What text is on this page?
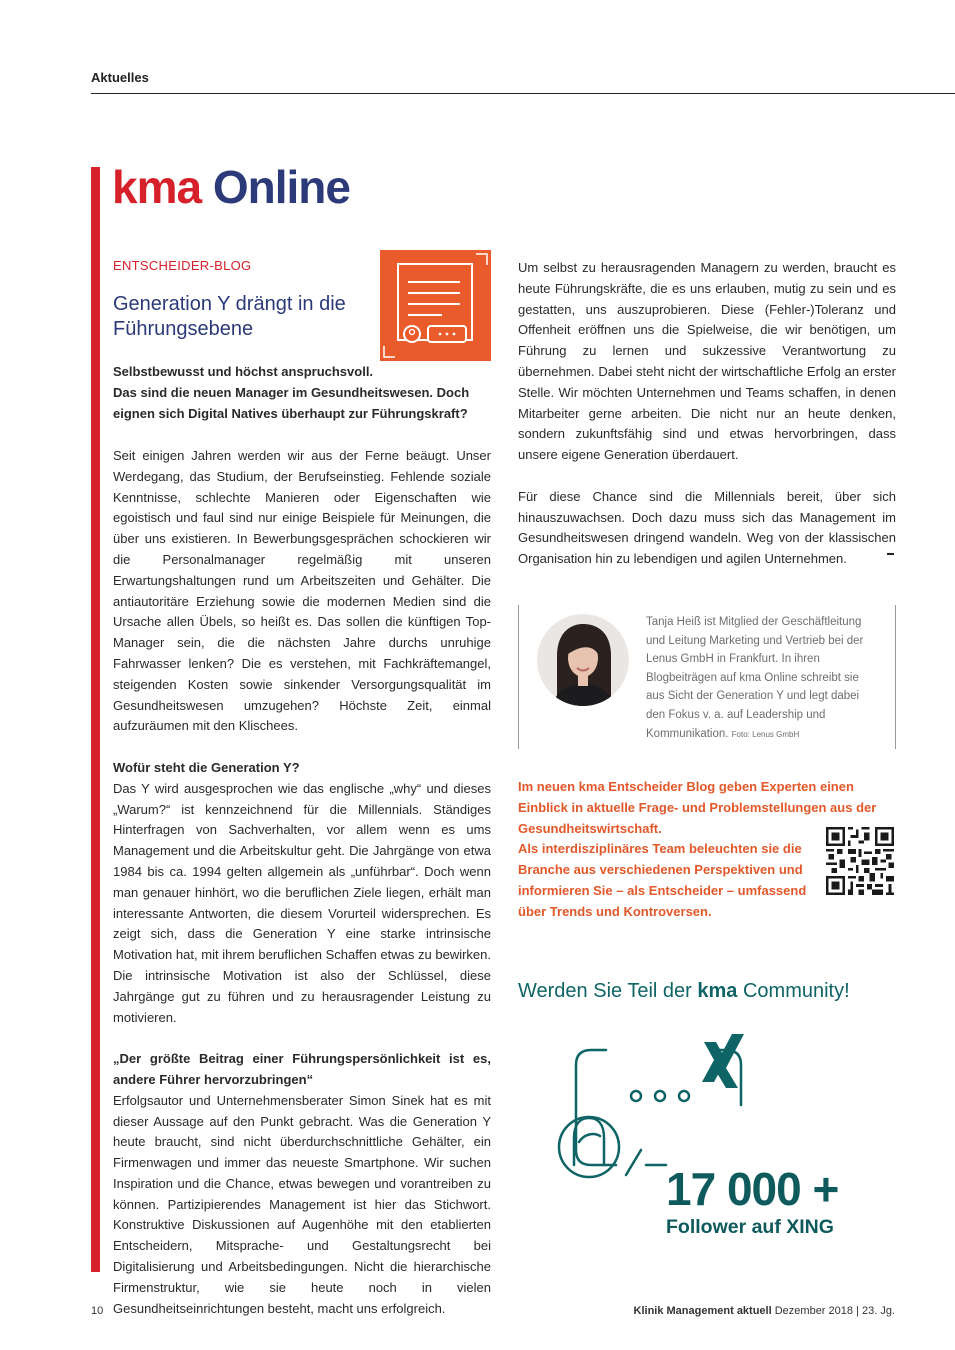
Aktuelles
kma Online
ENTSCHEIDER-BLOG
Generation Y drängt in die Führungsebene

Selbstbewusst und höchst anspruchsvoll.

Das sind die neuen Manager im Gesundheitswesen. Doch eignen sich Digital Natives überhaupt zur Führungskraft?

Seit einigen Jahren werden wir aus der Ferne beäugt. Unser Werdegang, das Studium, der Berufseinstieg. Fehlende soziale Kenntnisse, schlechte Manieren oder Eigenschaften wie egoistisch und faul sind nur einige Beispiele für Meinungen, die über uns existieren. In Bewerbungsgesprächen schockieren wir die Personalmanager regelmäßig mit unseren Erwartungshaltungen rund um Arbeitszeiten und Gehälter. Die antiautoritäre Erziehung sowie die modernen Medien sind die Ursache allen Übels, so heißt es. Das sollen die künftigen Top-Manager sein, die die nächsten Jahre durchs unruhige Fahrwasser lenken? Die es verstehen, mit Fachkräftemangel, steigenden Kosten sowie sinkender Versorgungsqualität im Gesundheitswesen umzugehen? Höchste Zeit, einmal aufzuräumen mit den Klischees.

Wofür steht die Generation Y?

Das Y wird ausgesprochen wie das englische „why“ und dieses „Warum?“ ist kennzeichnend für die Millennials. Ständiges Hinterfragen von Sachverhalten, vor allem wenn es ums Management und die Arbeitskultur geht. Die Jahrgänge von etwa 1984 bis ca. 1994 gelten allgemein als „unführbar“. Doch wenn man genauer hinhört, wo die beruflichen Ziele liegen, erhält man interessante Antworten, die diesem Vorurteil widersprechen. Es zeigt sich, dass die Generation Y eine starke intrinsische Motivation hat, mit ihrem beruflichen Schaffen etwas zu bewirken. Die intrinsische Motivation ist also der Schlüssel, diese Jahrgänge gut zu führen und zu herausragender Leistung zu motivieren.

„Der größte Beitrag einer Führungspersönlichkeit ist es, andere Führer hervorzubringen“

Erfolgsautor und Unternehmensberater Simon Sinek hat es mit dieser Aussage auf den Punkt gebracht. Was die Generation Y heute braucht, sind nicht überdurchschnittliche Gehälter, ein Firmenwagen und immer das neueste Smartphone. Wir suchen Inspiration und die Chance, etwas bewegen und vorantreiben zu können. Partizipierendes Management ist hier das Stichwort. Konstruktive Diskussionen auf Augenhöhe mit den etablierten Entscheidern, Mitsprache- und Gestaltungsrecht bei Digitalisierung und Arbeitsbedingungen. Nicht die hierarchische Firmenstruktur, wie sie heute noch in vielen Gesundheitseinrichtungen besteht, macht uns erfolgreich.

Um selbst zu herausragenden Managern zu werden, braucht es heute Führungskräfte, die es uns erlauben, mutig zu sein und es gestatten, uns auszuprobieren. Diese (Fehler-)Toleranz und Offenheit eröffnen uns die Spielweise, die wir benötigen, um Führung zu lernen und sukzessive Verantwortung zu übernehmen. Dabei steht nicht der wirtschaftliche Erfolg an erster Stelle. Wir möchten Unternehmen und Teams schaffen, in denen Mitarbeiter gerne arbeiten. Die nicht nur an heute denken, sondern zukunftsfähig sind und etwas hervorbringen, dass unsere eigene Generation überdauert.

Für diese Chance sind die Millennials bereit, über sich hinauszuwachsen. Doch dazu muss sich das Management im Gesundheitswesen dringend wandeln. Weg von der klassischen Organisation hin zu lebendigen und agilen Unternehmen.

Tanja Heiß ist Mitglied der Geschäftleitung und Leitung Marketing und Vertrieb bei der Lenus GmbH in Frankfurt. In ihren Blogbeiträgen auf kma Online schreibt sie aus Sicht der Generation Y und legt dabei den Fokus v. a. auf Leadership und Kommunikation. Foto: Lenus GmbH
Im neuen kma Entscheider Blog geben Experten einen Einblick in aktuelle Frage- und Problemstellungen aus der Gesundheitswirtschaft.
Als interdisziplinäres Team beleuchten sie die Branche aus verschiedenen Perspektiven und informieren Sie – als Entscheider – umfassend über Trends und Kontroversen.
Werden Sie Teil der kma Community!
17 000 +
Follower auf XING
10	Klinik Management aktuell Dezember 2018 | 23. Jg.
